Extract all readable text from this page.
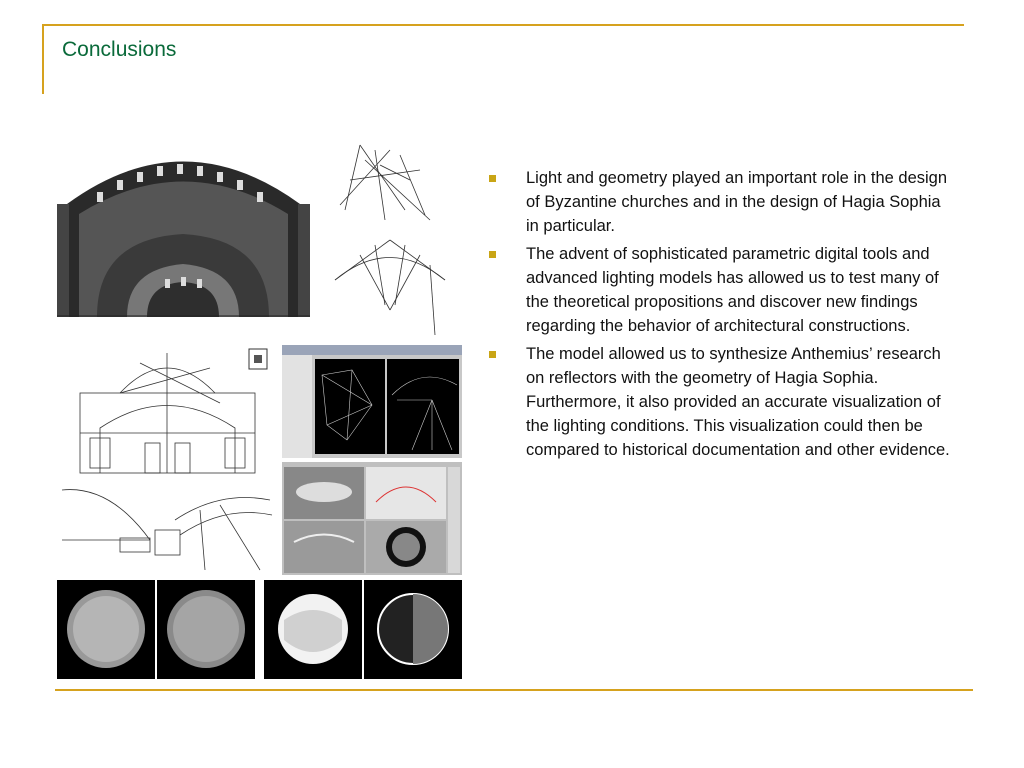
Conclusions
Light and geometry played an important role in the design of Byzantine churches and in the design of Hagia Sophia in particular.
The advent of sophisticated parametric digital tools and advanced lighting models has allowed us to test many of the theoretical propositions and discover new findings regarding the behavior of architectural constructions.
The model allowed us to synthesize Anthemius’ research on reflectors with the geometry of Hagia Sophia. Furthermore, it also provided an accurate visualization of the lighting conditions. This visualization could then be compared to historical documentation and other evidence.
